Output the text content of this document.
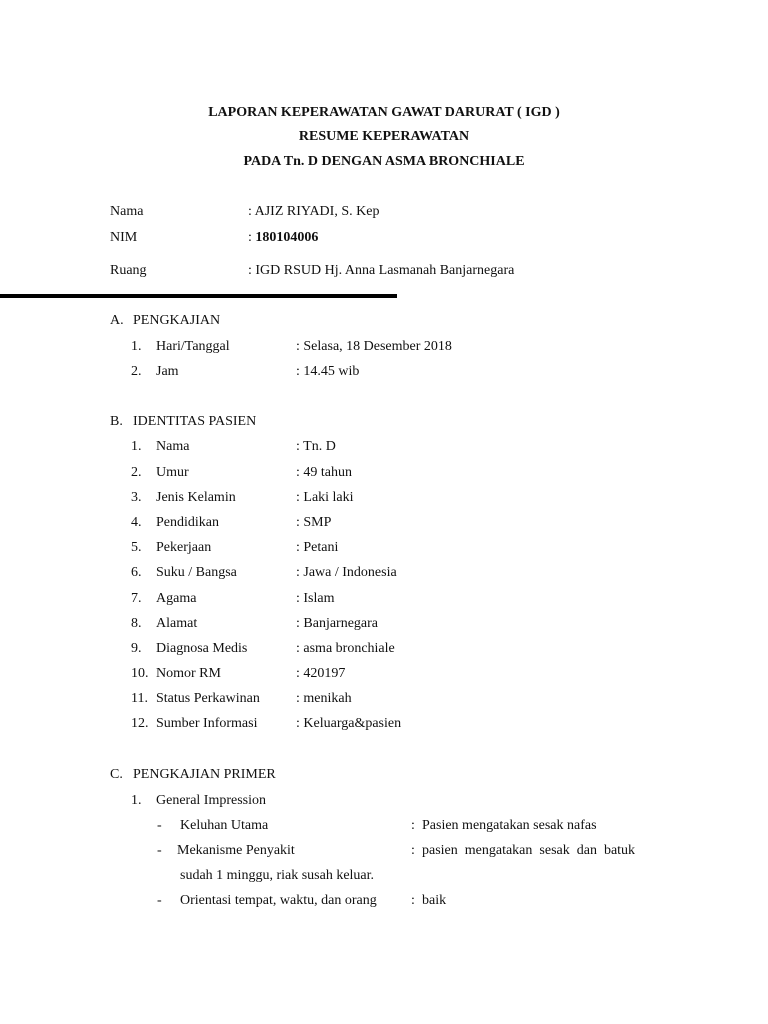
LAPORAN KEPERAWATAN GAWAT DARURAT ( IGD )
RESUME KEPERAWATAN
PADA Tn. D DENGAN ASMA BRONCHIALE
Nama	: AJIZ RIYADI, S. Kep
NIM	: 180104006
Ruang	: IGD RSUD Hj. Anna Lasmanah Banjarnegara
A. PENGKAJIAN
1. Hari/Tanggal	: Selasa, 18 Desember 2018
2. Jam	: 14.45 wib
B. IDENTITAS PASIEN
1. Nama	: Tn. D
2. Umur	: 49 tahun
3. Jenis Kelamin	: Laki laki
4. Pendidikan	: SMP
5. Pekerjaan	: Petani
6. Suku / Bangsa	: Jawa / Indonesia
7. Agama	: Islam
8. Alamat	: Banjarnegara
9. Diagnosa Medis	: asma bronchiale
10. Nomor RM	: 420197
11. Status Perkawinan	: menikah
12. Sumber Informasi	: Keluarga&pasien
C. PENGKAJIAN PRIMER
1. General Impression
- Keluhan Utama	: Pasien mengatakan sesak nafas
- Mekanisme Penyakit	: pasien  mengatakan  sesak  dan  batuk
sudah 1 minggu, riak susah keluar.
- Orientasi tempat, waktu, dan orang : baik
